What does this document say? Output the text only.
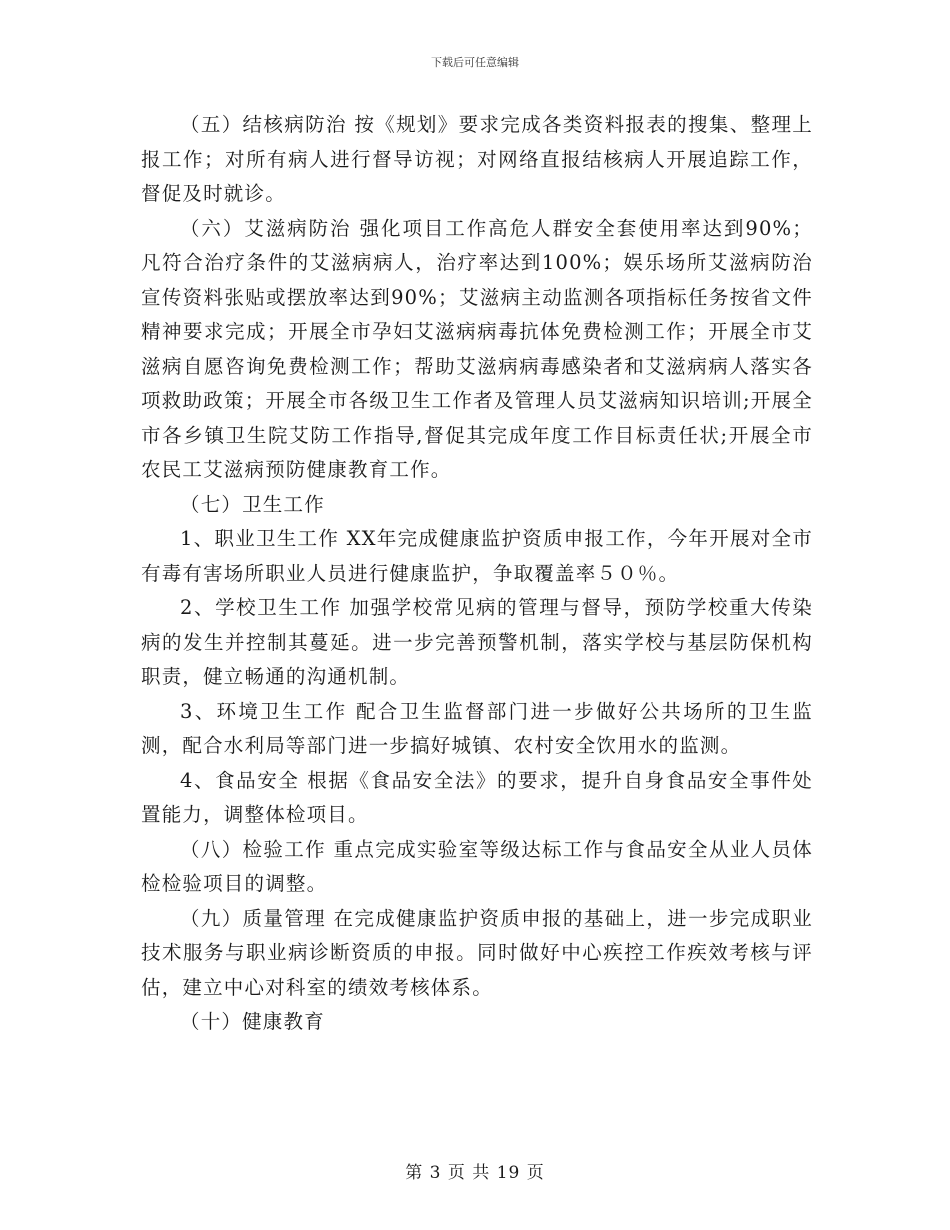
下载后可任意编辑

（五）结核病防治 按《规划》要求完成各类资料报表的搜集、整理上报工作；对所有病人进行督导访视；对网络直报结核病人开展追踪工作，督促及时就诊。

（六）艾滋病防治 强化项目工作高危人群安全套使用率达到90%；凡符合治疗条件的艾滋病病人，治疗率达到100%；娱乐场所艾滋病防治宣传资料张贴或摆放率达到90%；艾滋病主动监测各项指标任务按省文件精神要求完成；开展全市孕妇艾滋病病毒抗体免费检测工作；开展全市艾滋病自愿咨询免费检测工作；帮助艾滋病病毒感染者和艾滋病病人落实各项救助政策；开展全市各级卫生工作者及管理人员艾滋病知识培训;开展全市各乡镇卫生院艾防工作指导,督促其完成年度工作目标责任状;开展全市农民工艾滋病预防健康教育工作。

（七）卫生工作

1、职业卫生工作 XX年完成健康监护资质申报工作，今年开展对全市有毒有害场所职业人员进行健康监护，争取覆盖率５０％。

2、学校卫生工作 加强学校常见病的管理与督导，预防学校重大传染病的发生并控制其蔓延。进一步完善预警机制，落实学校与基层防保机构职责，健立畅通的沟通机制。

3、环境卫生工作 配合卫生监督部门进一步做好公共场所的卫生监测，配合水利局等部门进一步搞好城镇、农村安全饮用水的监测。

4、食品安全 根据《食品安全法》的要求，提升自身食品安全事件处置能力，调整体检项目。

（八）检验工作 重点完成实验室等级达标工作与食品安全从业人员体检检验项目的调整。

（九）质量管理 在完成健康监护资质申报的基础上，进一步完成职业技术服务与职业病诊断资质的申报。同时做好中心疾控工作疾效考核与评估，建立中心对科室的绩效考核体系。

（十）健康教育

第 3 页 共 19 页
